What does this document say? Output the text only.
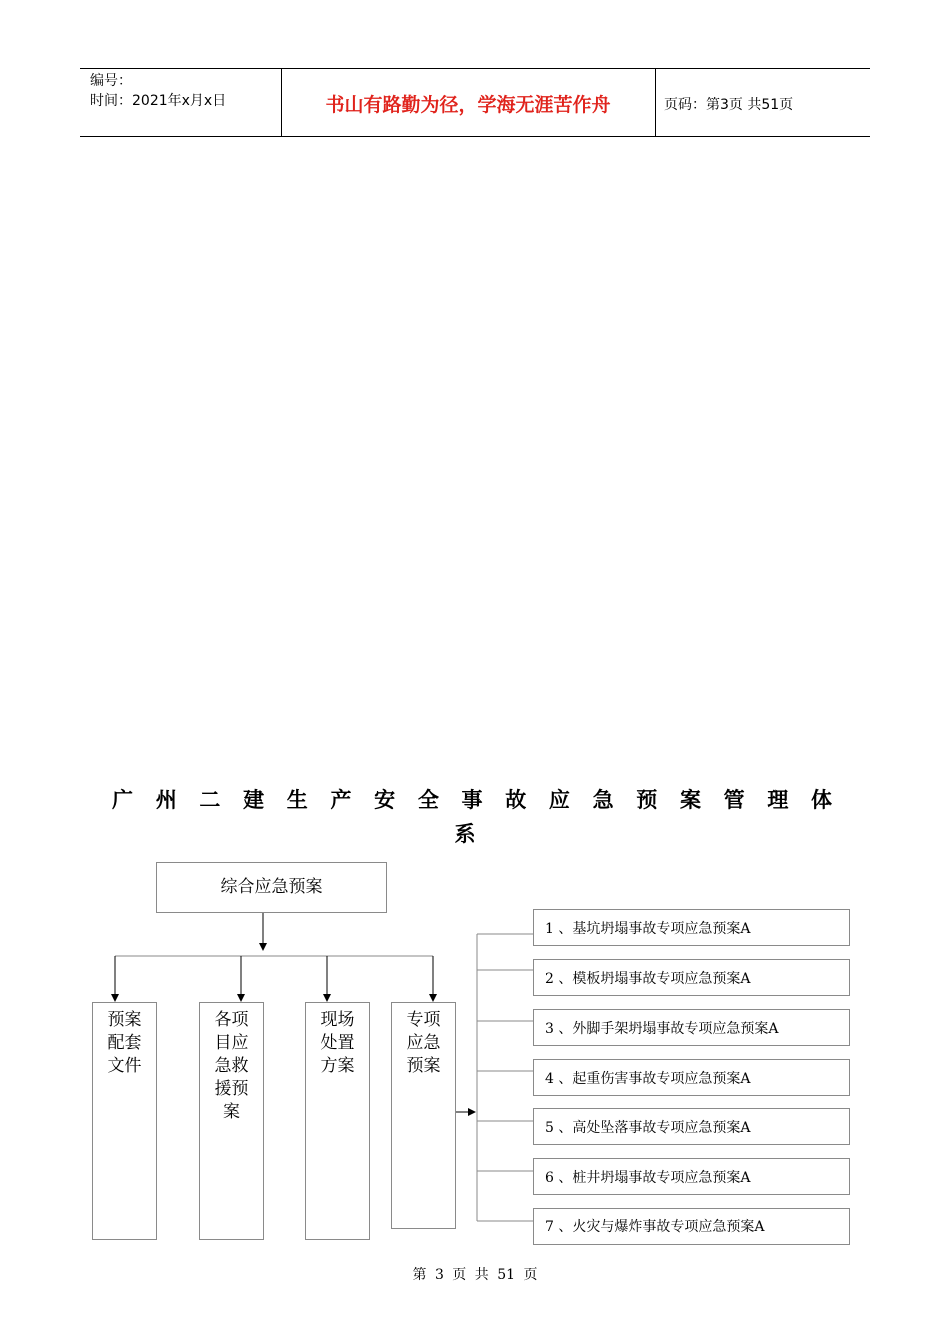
编号：
时间：2021年x月x日	书山有路勤为径，学海无涯苦作舟	页码：第3页 共51页
广 州 二 建 生 产 安 全 事 故 应 急 预 案 管 理 体
系
综合应急预案
预案
配套
文件
各项
目应
急救
援预
案
现场
处置
方案
专项
应急
预案
1 、基坑坍塌事故专项应急预案A
2 、模板坍塌事故专项应急预案A
3 、外脚手架坍塌事故专项应急预案A
4 、起重伤害事故专项应急预案A
5 、高处坠落事故专项应急预案A
6 、桩井坍塌事故专项应急预案A
7 、火灾与爆炸事故专项应急预案A
第 3 页 共 51 页
